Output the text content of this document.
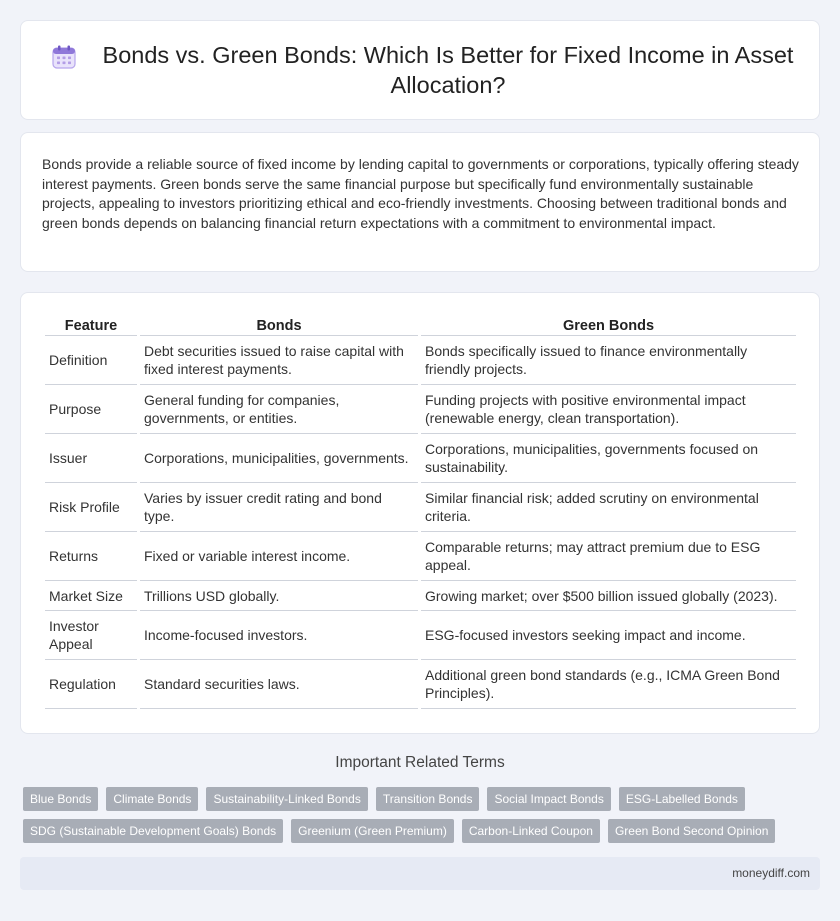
Bonds vs. Green Bonds: Which Is Better for Fixed Income in Asset Allocation?

Bonds provide a reliable source of fixed income by lending capital to governments or corporations, typically offering steady interest payments. Green bonds serve the same financial purpose but specifically fund environmentally sustainable projects, appealing to investors prioritizing ethical and eco-friendly investments. Choosing between traditional bonds and green bonds depends on balancing financial return expectations with a commitment to environmental impact.

Feature	Bonds	Green Bonds
Definition	Debt securities issued to raise capital with fixed interest payments.	Bonds specifically issued to finance environmentally friendly projects.
Purpose	General funding for companies, governments, or entities.	Funding projects with positive environmental impact (renewable energy, clean transportation).
Issuer	Corporations, municipalities, governments.	Corporations, municipalities, governments focused on sustainability.
Risk Profile	Varies by issuer credit rating and bond type.	Similar financial risk; added scrutiny on environmental criteria.
Returns	Fixed or variable interest income.	Comparable returns; may attract premium due to ESG appeal.
Market Size	Trillions USD globally.	Growing market; over $500 billion issued globally (2023).
Investor Appeal	Income-focused investors.	ESG-focused investors seeking impact and income.
Regulation	Standard securities laws.	Additional green bond standards (e.g., ICMA Green Bond Principles).
Important Related Terms
Blue Bonds	Climate Bonds	Sustainability-Linked Bonds	Transition Bonds	Social Impact Bonds	ESG-Labelled Bonds
SDG (Sustainable Development Goals) Bonds	Greenium (Green Premium)	Carbon-Linked Coupon	Green Bond Second Opinion
moneydiff.com
